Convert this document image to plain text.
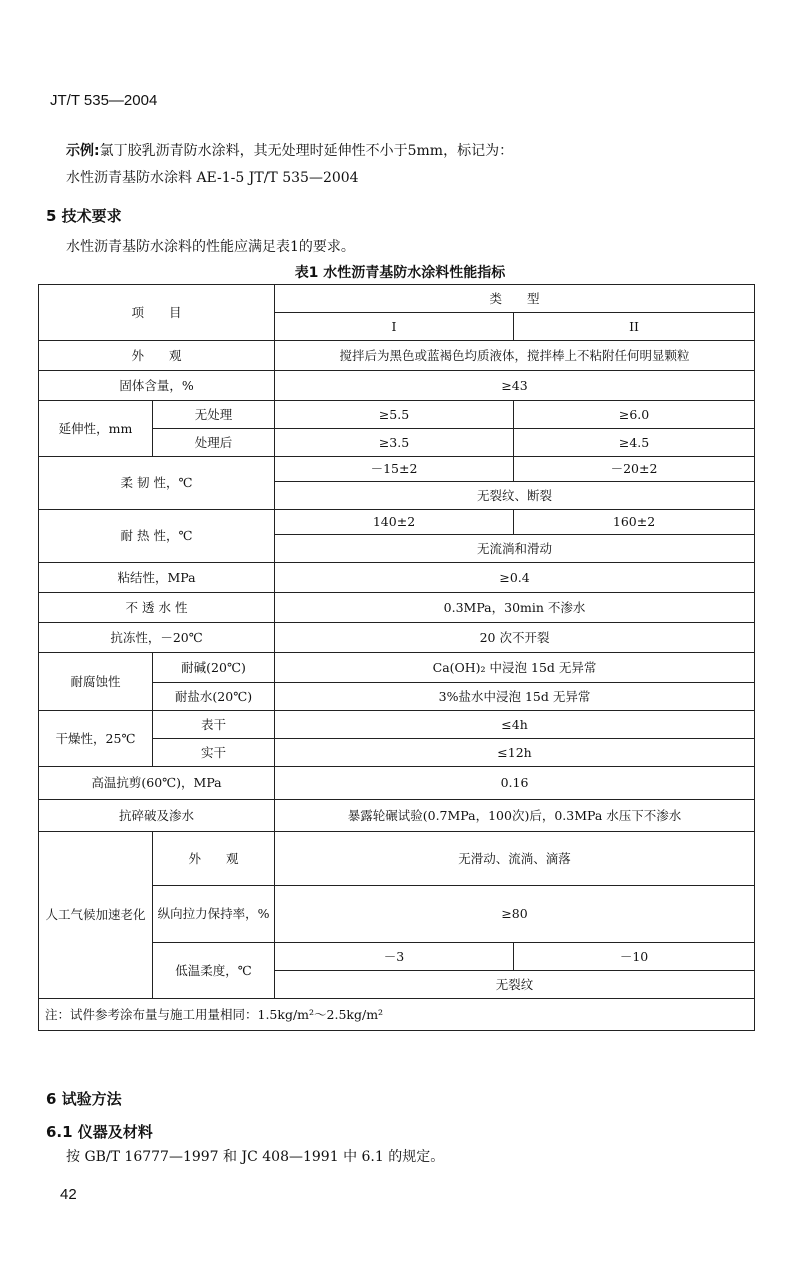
JT/T 535—2004
示例:氯丁胶乳沥青防水涂料，其无处理时延伸性不小于5mm，标记为：
水性沥青基防水涂料 AE-1-5 JT/T 535—2004
5 技术要求
水性沥青基防水涂料的性能应满足表1的要求。
表1 水性沥青基防水涂料性能指标
项　　目		类　　型	
		I	II
外　　观		搅拌后为黑色或蓝褐色均质液体，搅拌棒上不粘附任何明显颗粒	
固体含量，%		≥43	
延伸性，mm	无处理	≥5.5	≥6.0
	处理后	≥3.5	≥4.5
柔 韧 性，℃		－15±2	－20±2
		无裂纹、断裂	
耐 热 性，℃		140±2	160±2
		无流淌和滑动	
粘结性，MPa		≥0.4	
不 透 水 性		0.3MPa，30min 不渗水	
抗冻性，－20℃		20 次不开裂	
耐腐蚀性	耐碱(20℃)	Ca(OH)₂ 中浸泡 15d 无异常	
	耐盐水(20℃)	3%盐水中浸泡 15d 无异常	
干燥性，25℃	表干	≤4h	
	实干	≤12h	
高温抗剪(60℃)，MPa		0.16	
抗碎破及渗水		暴露轮碾试验(0.7MPa，100次)后，0.3MPa 水压下不渗水	
人工气候加速老化	外　　观	无滑动、流淌、滴落	
	纵向拉力保持率，%	≥80	
	低温柔度，℃	－3	－10
		无裂纹	
注：试件参考涂布量与施工用量相同：1.5kg/m²～2.5kg/m²			
6 试验方法
6.1 仪器及材料
按 GB/T 16777—1997 和 JC 408—1991 中 6.1 的规定。
42
